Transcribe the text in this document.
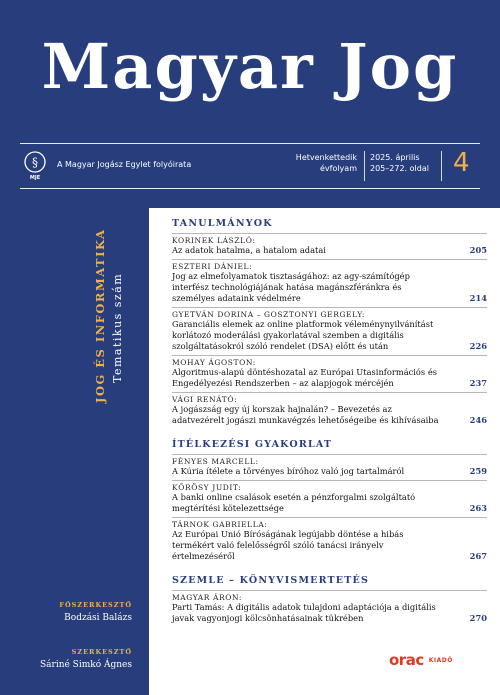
Magyar Jog
§
MJE
A Magyar Jogász Egylet folyóirata
Hetvenkettedik
évfolyam
2025. április
205–272. oldal 4
JOG ÉS INFORMATIKA Tematikus szám
TANULMÁNYOK
KORINEK LÁSZLÓ:
Az adatok hatalma, a hatalom adatai	205
ESZTERI DÁNIEL:
Jog az elmefolyamatok tisztaságához: az agy-számítógép interfész technológiájának hatása magánszféránkra és személyes adataink védelmére	214
GYETVÁN DORINA – GOSZTONYI GERGELY:
Garanciális elemek az online platformok véleménynyilvánítást korlátozó moderálási gyakorlatával szemben a digitális szolgáltatásokról szóló rendelet (DSA) előtt és után	226
MOHAY ÁGOSTON:
Algoritmus-alapú döntéshozatal az Európai Utasinformációs és Engedélyezési Rendszerben – az alapjogok mércéjén	237
VÁGI RENÁTÓ:
A jogászság egy új korszak hajnalán? – Bevezetés az adatvezérelt jogászi munkavégzés lehetőségeibe és kihívásaiba	246
ÍTÉLKEZÉSI GYAKORLAT
FÉNYES MARCELL:
A Kúria ítélete a törvényes bíróhoz való jog tartalmáról	259
KŐRÖSY JUDIT:
A banki online csalások esetén a pénzforgalmi szolgáltató megtérítési kötelezettsége	263
TÁRNOK GABRIELLA:
Az Európai Unió Bíróságának legújabb döntése a hibás termékért való felelősségről szóló tanácsi irányelv értelmezéséről	267
SZEMLE – KÖNYVISMERTETÉS
MAGYAR ÁRON:
Parti Tamás: A digitális adatok tulajdoni adaptációja a digitális javak vagyonjogi kölcsönhatásainak tükrében	270
FŐSZERKESZTŐ
Bodzási Balázs
SZERKESZTŐ
Sáriné Simkó Ágnes	orac KIADÓ
